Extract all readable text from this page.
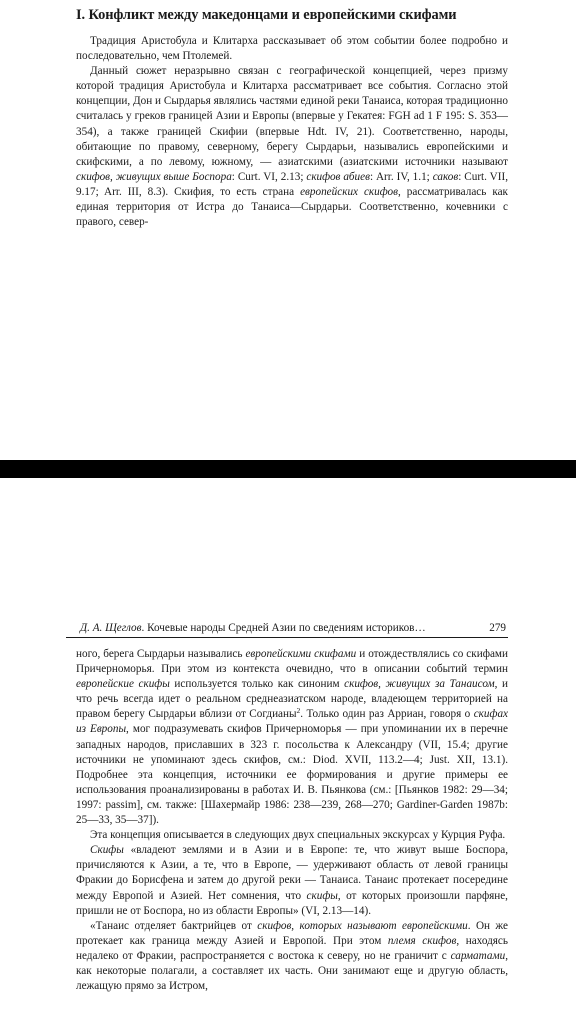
I. Конфликт между македонцами и европейскими скифами

Традиция Аристобула и Клитарха рассказывает об этом событии более подробно и последовательно, чем Птолемей.

Данный сюжет неразрывно связан с географической концепцией, через призму которой традиция Аристобула и Клитарха рассматривает все события. Согласно этой концепции, Дон и Сырдарья являлись частями единой реки Танаиса, которая традиционно считалась у греков границей Азии и Европы (впервые у Гекатея: FGH ad 1 F 195: S. 353—354), а также границей Скифии (впервые Hdt. IV, 21). Соответственно, народы, обитающие по правому, северному, берегу Сырдарьи, назывались европейскими и скифскими, а по левому, южному, — азиатскими (азиатскими источники называют скифов, живущих выше Боспора: Curt. VI, 2.13; скифов абиев: Arr. IV, 1.1; саков: Curt. VII, 9.17; Arr. III, 8.3). Скифия, то есть страна европейских скифов, рассматривалась как единая территория от Истра до Танаиса—Сырдарьи. Соответственно, кочевники с правого, север-

Д. А. Щеглов. Кочевые народы Средней Азии по сведениям историков…	279

ного, берега Сырдарьи назывались европейскими скифами и отождествлялись со скифами Причерноморья. При этом из контекста очевидно, что в описании событий термин европейские скифы используется только как синоним скифов, живущих за Танаисом, и что речь всегда идет о реальном среднеазиатском народе, владеющем территорией на правом берегу Сырдарьи вблизи от Согдианы$^2$. Только один раз Арриан, говоря о скифах из Европы, мог подразумевать скифов Причерноморья — при упоминании их в перечне западных народов, приславших в 323 г. посольства к Александру (VII, 15.4; другие источники не упоминают здесь скифов, см.: Diod. XVII, 113.2—4; Just. XII, 13.1). Подробнее эта концепция, источники ее формирования и другие примеры ее использования проанализированы в работах И. В. Пьянкова (см.: [Пьянков 1982: 29—34; 1997: passim], см. также: [Шахермайр 1986: 238—239, 268—270; Gardiner-Garden 1987b: 25—33, 35—37]).

Эта концепция описывается в следующих двух специальных экскурсах у Курция Руфа.

Скифы «владеют землями и в Азии и в Европе: те, что живут выше Боспора, причисляются к Азии, а те, что в Европе, — удерживают область от левой границы Фракии до Борисфена и затем до другой реки — Танаиса. Танаис протекает посередине между Европой и Азией. Нет сомнения, что скифы, от которых произошли парфяне, пришли не от Боспора, но из области Европы» (VI, 2.13—14).

«Танаис отделяет бактрийцев от скифов, которых называют европейскими. Он же протекает как граница между Азией и Европой. При этом племя скифов, находясь недалеко от Фракии, распространяется с востока к северу, но не граничит с сарматами, как некоторые полагали, а составляет их часть. Они занимают еще и другую область, лежащую прямо за Истром,
